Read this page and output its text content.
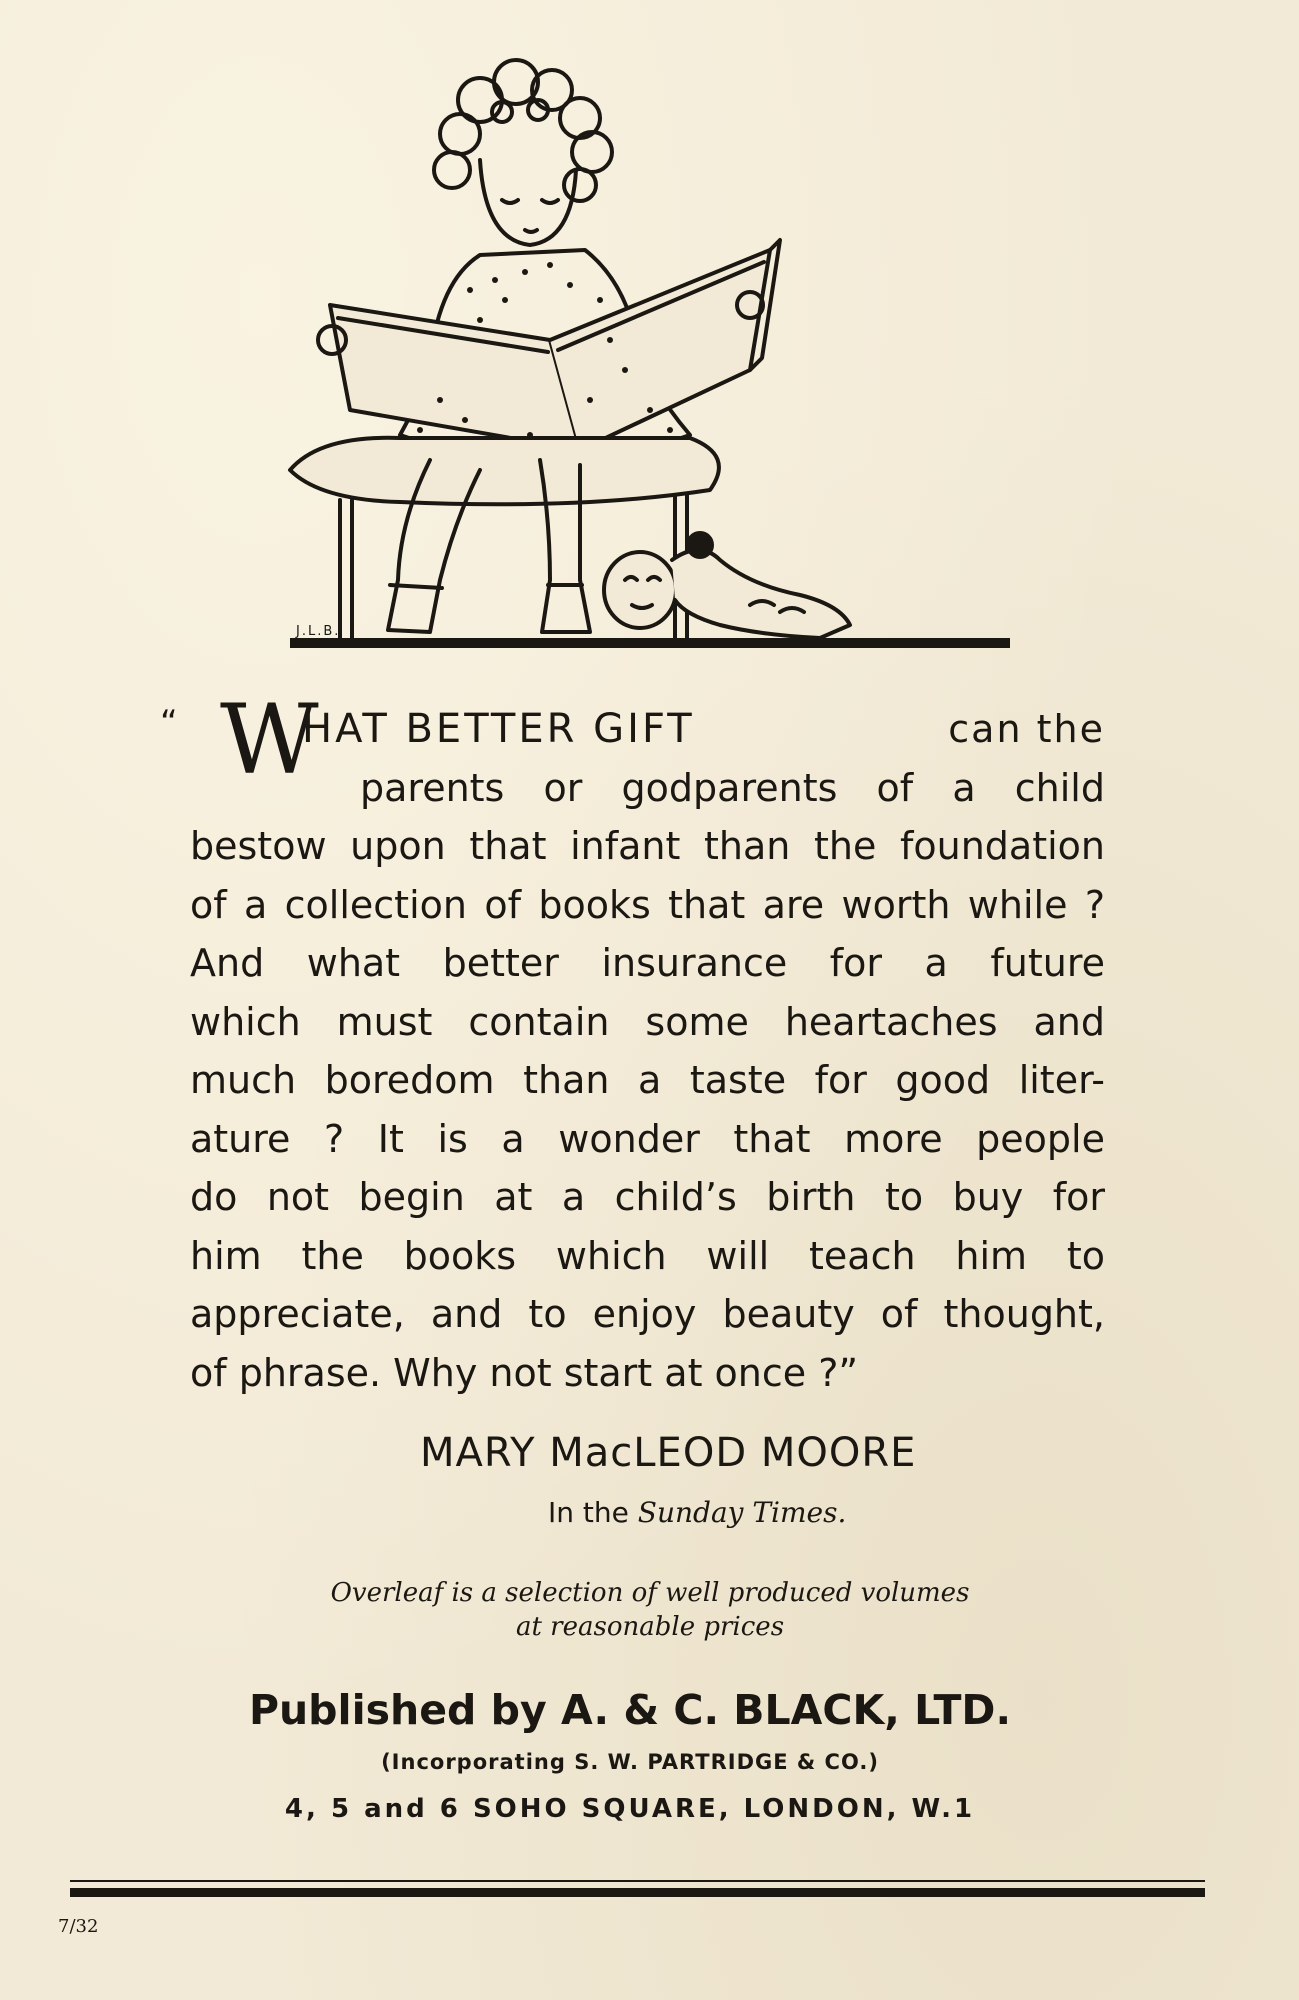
J.L.B.
“ W
HAT BETTER GIFT	can the
parents or godparents of a child
bestow upon that infant than the foundation
of a collection of books that are worth while ?
And what better insurance for a future
which must contain some heartaches and
much boredom than a taste for good liter-
ature ? It is a wonder that more people
do not begin at a child’s birth to buy for
him the books which will teach him to
appreciate, and to enjoy beauty of thought,
of phrase. Why not start at once ?”
MARY MacLEOD MOORE
In the Sunday Times.
Overleaf is a selection of well produced volumes
at reasonable prices
Published by A. & C. BLACK, LTD.
(Incorporating S. W. PARTRIDGE & CO.)
4, 5 and 6 SOHO SQUARE, LONDON, W.1
7/32
